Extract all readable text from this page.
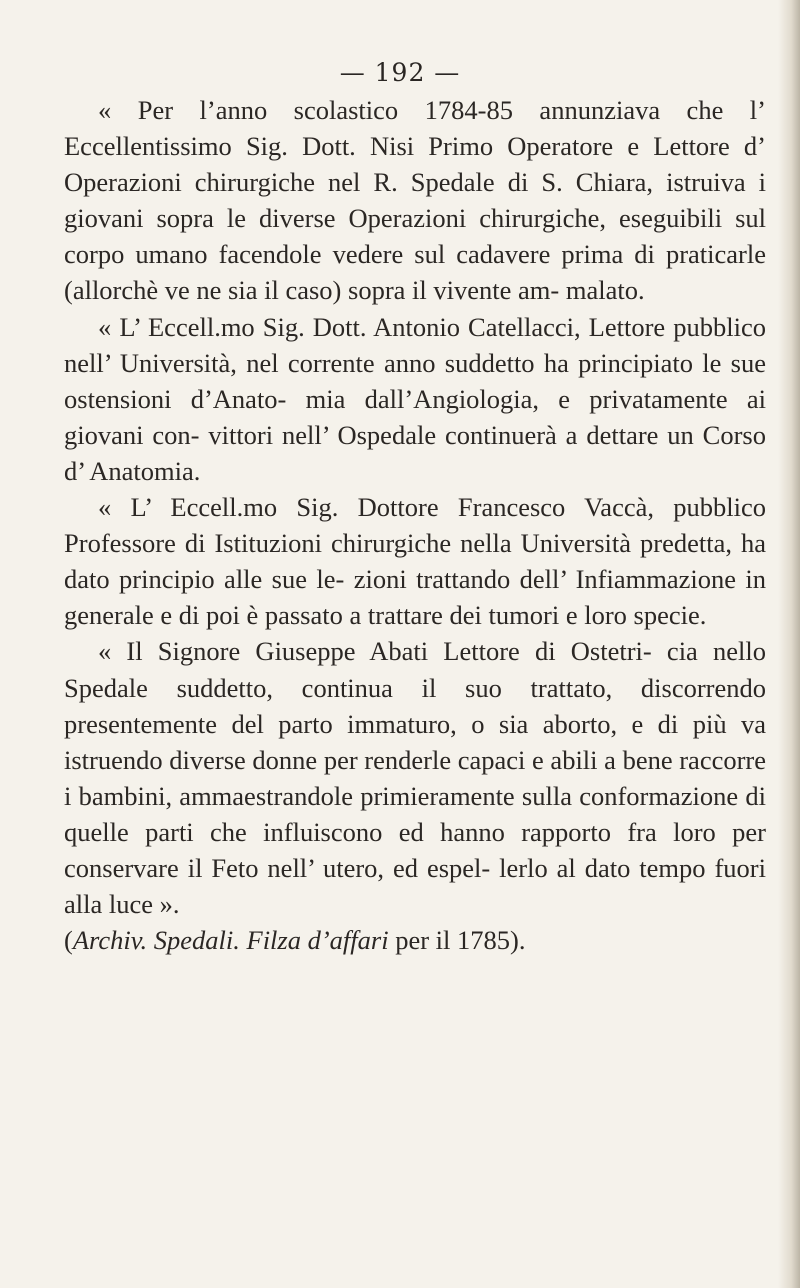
— 192 —

« Per l’anno scolastico 1784-85 annunziava che l’ Eccellentissimo Sig. Dott. Nisi Primo Operatore e Lettore d’ Operazioni chirurgiche nel R. Spedale di S. Chiara, istruiva i giovani sopra le diverse Operazioni chirurgiche, eseguibili sul corpo umano facendole vedere sul cadavere prima di praticarle (allorchè ve ne sia il caso) sopra il vivente am- malato.

« L’ Eccell.mo Sig. Dott. Antonio Catellacci, Lettore pubblico nell’ Università, nel corrente anno suddetto ha principiato le sue ostensioni d’Anato- mia dall’Angiologia, e privatamente ai giovani con- vittori nell’ Ospedale continuerà a dettare un Corso d’ Anatomia.

« L’ Eccell.mo Sig. Dottore Francesco Vaccà, pubblico Professore di Istituzioni chirurgiche nella Università predetta, ha dato principio alle sue le- zioni trattando dell’ Infiammazione in generale e di poi è passato a trattare dei tumori e loro specie.

« Il Signore Giuseppe Abati Lettore di Ostetri- cia nello Spedale suddetto, continua il suo trattato, discorrendo presentemente del parto immaturo, o sia aborto, e di più va istruendo diverse donne per renderle capaci e abili a bene raccorre i bambini, ammaestrandole primieramente sulla conformazione di quelle parti che influiscono ed hanno rapporto fra loro per conservare il Feto nell’ utero, ed espel- lerlo al dato tempo fuori alla luce ».

(Archiv. Spedali. Filza d’affari per il 1785).
